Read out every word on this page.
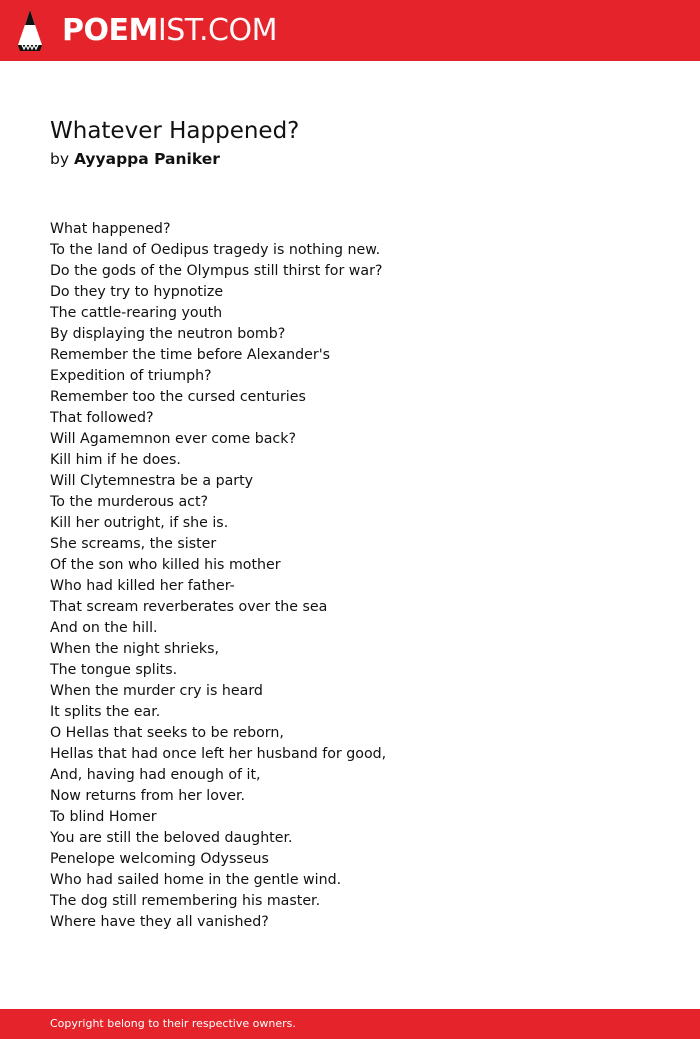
POEMIST.COM
Whatever Happened?
by Ayyappa Paniker
What happened?
To the land of Oedipus tragedy is nothing new.
Do the gods of the Olympus still thirst for war?
Do they try to hypnotize
The cattle-rearing youth
By displaying the neutron bomb?
Remember the time before Alexander's
Expedition of triumph?
Remember too the cursed centuries
That followed?
Will Agamemnon ever come back?
Kill him if he does.
Will Clytemnestra be a party
To the murderous act?
Kill her outright, if she is.
She screams, the sister
Of the son who killed his mother
Who had killed her father-
That scream reverberates over the sea
And on the hill.
When the night shrieks,
The tongue splits.
When the murder cry is heard
It splits the ear.
O Hellas that seeks to be reborn,
Hellas that had once left her husband for good,
And, having had enough of it,
Now returns from her lover.
To blind Homer
You are still the beloved daughter.
Penelope welcoming Odysseus
Who had sailed home in the gentle wind.
The dog still remembering his master.
Where have they all vanished?
Copyright belong to their respective owners.
